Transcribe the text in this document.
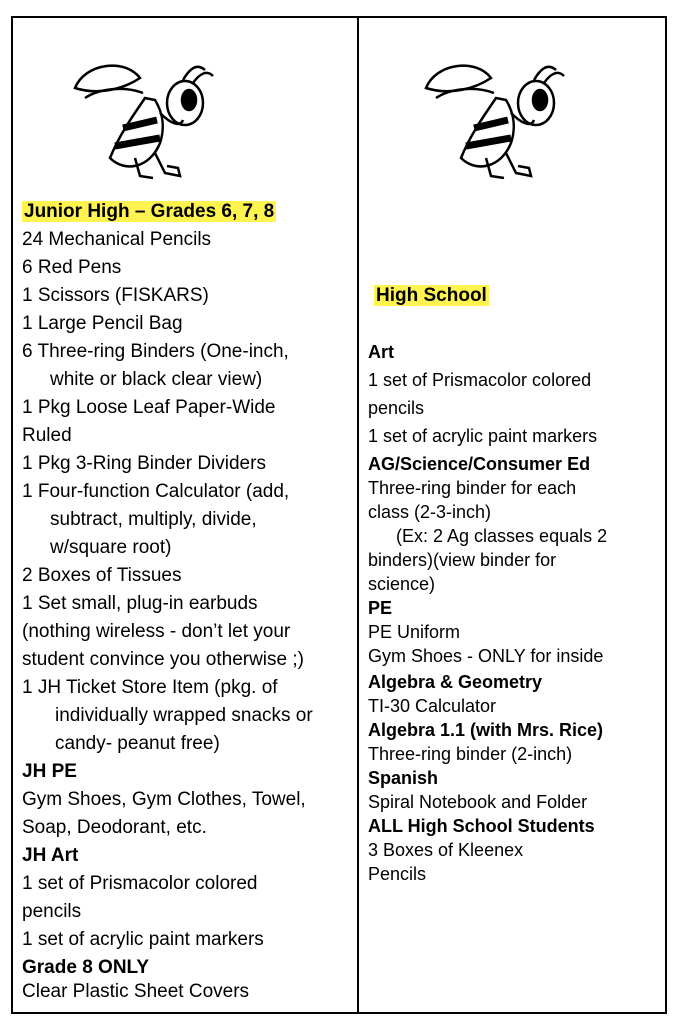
Junior High – Grades 6, 7, 8
24 Mechanical Pencils
6 Red Pens
1 Scissors (FISKARS)
1 Large Pencil Bag
6 Three-ring Binders (One-inch,
white or black clear view)
1 Pkg Loose Leaf Paper-Wide
Ruled
1 Pkg 3-Ring Binder Dividers
1 Four-function Calculator (add,
subtract, multiply, divide,
w/square root)
2 Boxes of Tissues
1 Set small, plug-in earbuds
(nothing wireless - don’t let your
student convince you otherwise ;)
1 JH Ticket Store Item (pkg. of
individually wrapped snacks or
candy- peanut free)
JH PE
Gym Shoes, Gym Clothes, Towel,
Soap, Deodorant, etc.
JH Art
1 set of Prismacolor colored
pencils
1 set of acrylic paint markers
Grade 8 ONLY
Clear Plastic Sheet Covers
High School
Art
1 set of Prismacolor colored
pencils
1 set of acrylic paint markers
AG/Science/Consumer Ed
Three-ring binder for each
class (2-3-inch)
(Ex: 2 Ag classes equals 2
binders)(view binder for
science)
PE
PE Uniform
Gym Shoes - ONLY for inside
Algebra & Geometry
TI-30 Calculator
Algebra 1.1 (with Mrs. Rice)
Three-ring binder (2-inch)
Spanish
Spiral Notebook and Folder
ALL High School Students
3 Boxes of Kleenex
Pencils
